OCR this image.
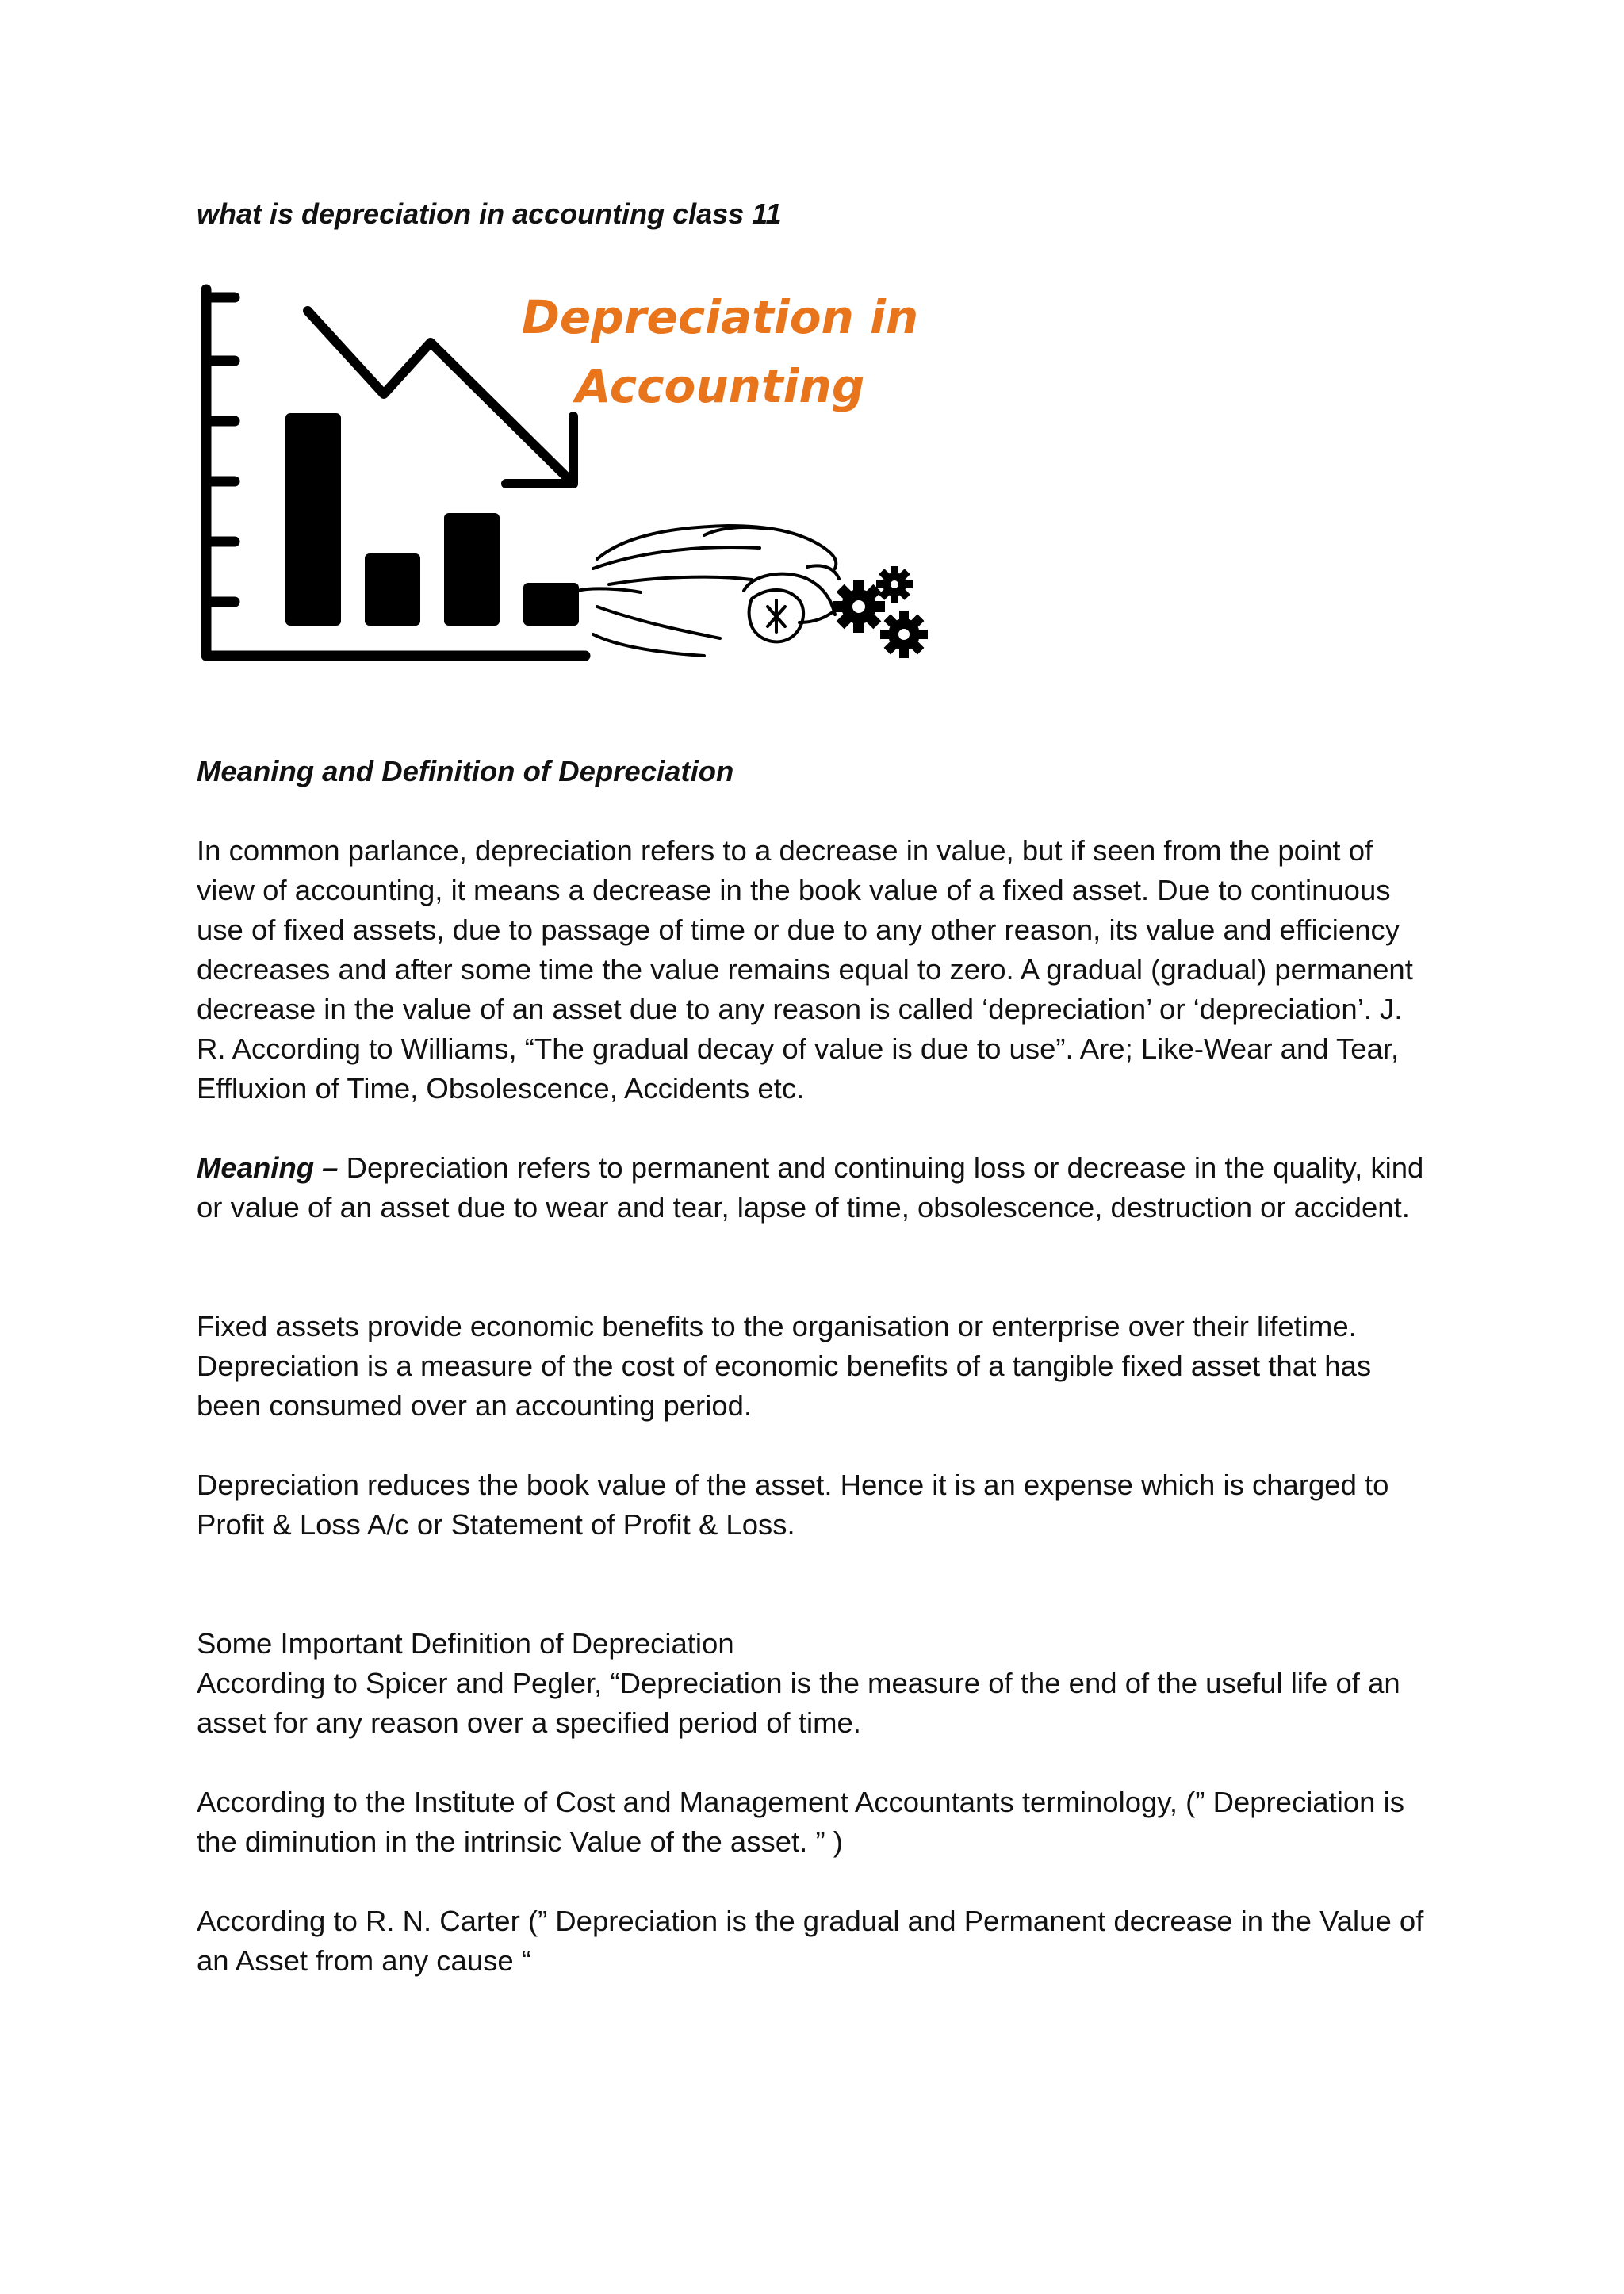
what is depreciation in accounting class 11
Depreciation in
Accounting

Meaning and Definition of Depreciation

In common parlance, depreciation refers to a decrease in value, but if seen from the point of view of accounting, it means a decrease in the book value of a fixed asset. Due to continuous use of fixed assets, due to passage of time or due to any other reason, its value and efficiency decreases and after some time the value remains equal to zero. A gradual (gradual) permanent decrease in the value of an asset due to any reason is called ‘depreciation’ or ‘depreciation’. J. R. According to Williams, “The gradual decay of value is due to use”. Are; Like-Wear and Tear, Effluxion of Time, Obsolescence, Accidents etc.

Meaning – Depreciation refers to permanent and continuing loss or decrease in the quality, kind or value of an asset due to wear and tear, lapse of time, obsolescence, destruction or accident.

Fixed assets provide economic benefits to the organisation or enterprise over their lifetime. Depreciation is a measure of the cost of economic benefits of a tangible fixed asset that has been consumed over an accounting period.

Depreciation reduces the book value of the asset. Hence it is an expense which is charged to Profit & Loss A/c or Statement of Profit & Loss.

Some Important Definition of Depreciation

According to Spicer and Pegler, “Depreciation is the measure of the end of the useful life of an asset for any reason over a specified period of time.

According to the Institute of Cost and Management Accountants terminology, (” Depreciation is the diminution in the intrinsic Value of the asset. ” )

According to R. N. Carter (” Depreciation is the gradual and Permanent decrease in the Value of an Asset from any cause “
